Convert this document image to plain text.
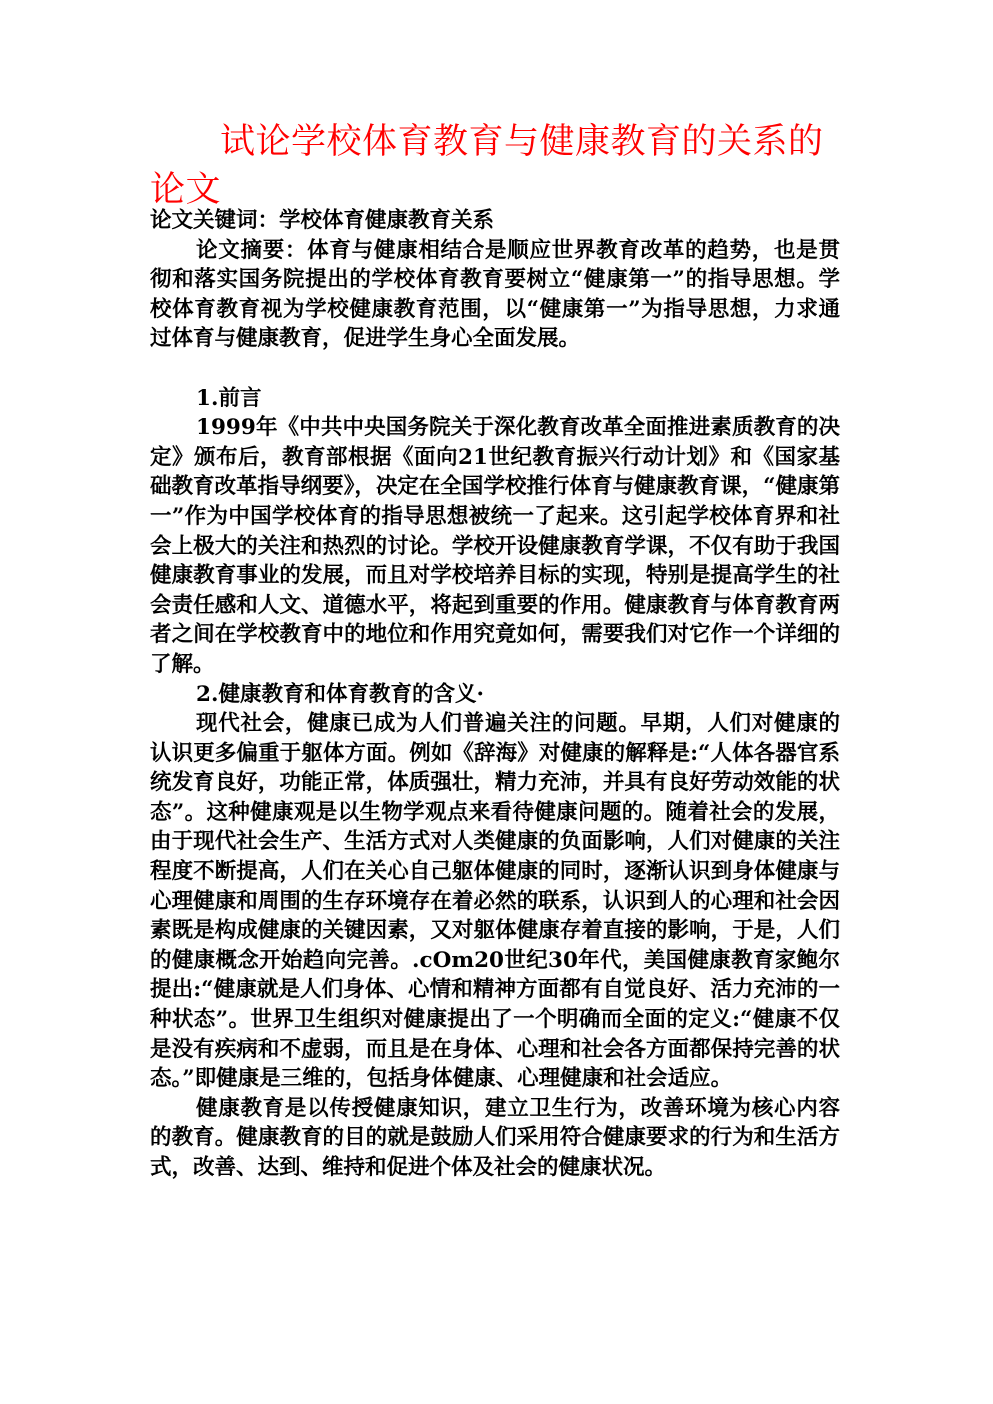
试论学校体育教育与健康教育的关系的论文

论文关键词：学校体育健康教育关系

论文摘要：体育与健康相结合是顺应世界教育改革的趋势，也是贯彻和落实国务院提出的学校体育教育要树立“健康第一”的指导思想。学校体育教育视为学校健康教育范围，以“健康第一”为指导思想，力求通过体育与健康教育，促进学生身心全面发展。

1.前言

1999年《中共中央国务院关于深化教育改革全面推进素质教育的决定》颁布后，教育部根据《面向21世纪教育振兴行动计划》和《国家基础教育改革指导纲要》，决定在全国学校推行体育与健康教育课，“健康第一”作为中国学校体育的指导思想被统一了起来。这引起学校体育界和社会上极大的关注和热烈的讨论。学校开设健康教育学课，不仅有助于我国健康教育事业的发展，而且对学校培养目标的实现，特别是提高学生的社会责任感和人文、道德水平，将起到重要的作用。健康教育与体育教育两者之间在学校教育中的地位和作用究竟如何，需要我们对它作一个详细的了解。

2.健康教育和体育教育的含义·

现代社会，健康已成为人们普遍关注的问题。早期，人们对健康的认识更多偏重于躯体方面。例如《辞海》对健康的解释是:“人体各器官系统发育良好，功能正常，体质强壮，精力充沛，并具有良好劳动效能的状态”。这种健康观是以生物学观点来看待健康问题的。随着社会的发展，由于现代社会生产、生活方式对人类健康的负面影响，人们对健康的关注程度不断提高，人们在关心自己躯体健康的同时，逐渐认识到身体健康与心理健康和周围的生存环境存在着必然的联系，认识到人的心理和社会因素既是构成健康的关键因素，又对躯体健康存着直接的影响，于是，人们的健康概念开始趋向完善。.cOm20世纪30年代，美国健康教育家鲍尔提出:“健康就是人们身体、心情和精神方面都有自觉良好、活力充沛的一种状态”。世界卫生组织对健康提出了一个明确而全面的定义:“健康不仅是没有疾病和不虚弱，而且是在身体、心理和社会各方面都保持完善的状态。”即健康是三维的，包括身体健康、心理健康和社会适应。

健康教育是以传授健康知识，建立卫生行为，改善环境为核心内容的教育。健康教育的目的就是鼓励人们采用符合健康要求的行为和生活方式，改善、达到、维持和促进个体及社会的健康状况。
